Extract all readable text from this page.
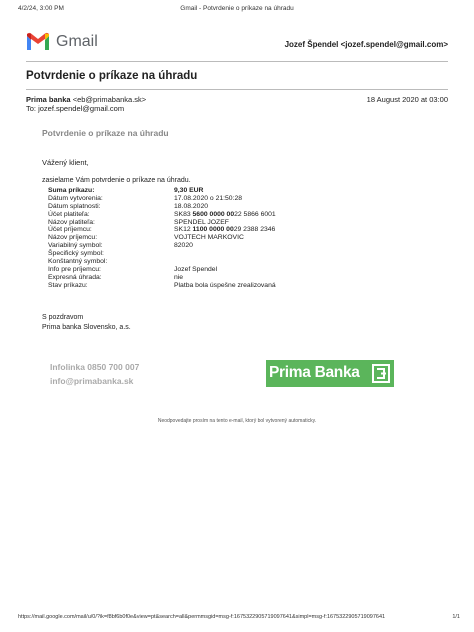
4/2/24, 3:00 PM	Gmail - Potvrdenie o príkaze na úhradu
Gmail	Jozef Špendel <jozef.spendel@gmail.com>
Potvrdenie o príkaze na úhradu
Prima banka <eb@primabanka.sk>	18 August 2020 at 03:00
To: jozef.spendel@gmail.com
Potvrdenie o príkaze na úhradu
Vážený klient,
zasielame Vám potvrdenie o príkaze na úhradu.
Suma príkazu:	9,30 EUR
Dátum vytvorenia:	17.08.2020 o 21:50:28
Dátum splatnosti:	18.08.2020
Účet platiteľa:	SK83 5600 0000 0022 5866 6001
Názov platiteľa:	SPENDEL JOZEF
Účet príjemcu:	SK12 1100 0000 0029 2388 2346
Názov príjemcu:	VOJTECH MARKOVIC
Variabilný symbol:	82020
Špecifický symbol:
Konštantný symbol:
Info pre príjemcu:	Jozef Spendel
Expresná úhrada:	nie
Stav príkazu:	Platba bola úspešne zrealizovaná
S pozdravom
Prima banka Slovensko, a.s.
Infolinka 0850 700 007
info@primabanka.sk	Prima Banka
Neodpovedajte prosím na tento e-mail, ktorý bol vytvorený automaticky.
https://mail.google.com/mail/u/0/?ik=f8bf6b0f0e&view=pt&search=all&permmsgid=msg-f:1675322905719097641&simpl=msg-f:1675322905719097641	1/1
